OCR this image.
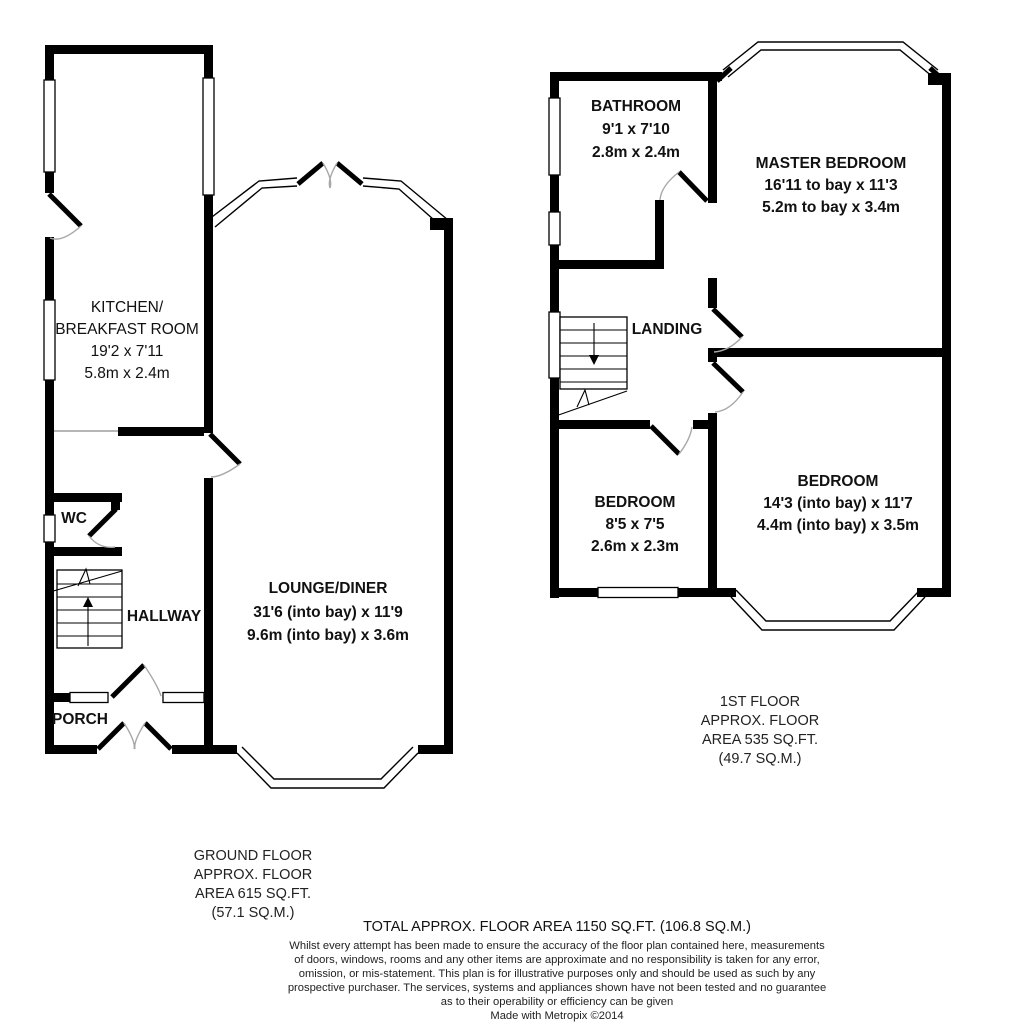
KITCHEN/
BREAKFAST ROOM
19'2 x 7'11
5.8m x 2.4m
LOUNGE/DINER
31'6 (into bay) x 11'9
9.6m (into bay) x 3.6m
WC
HALLWAY
PORCH
GROUND FLOOR
APPROX. FLOOR
AREA 615 SQ.FT.
(57.1 SQ.M.)
BATHROOM
9'1 x 7'10
2.8m x 2.4m
MASTER BEDROOM
16'11 to bay x 11'3
5.2m to bay x 3.4m
LANDING
BEDROOM
14'3 (into bay) x 11'7
4.4m (into bay) x 3.5m
BEDROOM
8'5 x 7'5
2.6m x 2.3m
1ST FLOOR
APPROX. FLOOR
AREA 535 SQ.FT.
(49.7 SQ.M.)
TOTAL APPROX. FLOOR AREA 1150 SQ.FT. (106.8 SQ.M.)
Whilst every attempt has been made to ensure the accuracy of the floor plan contained here, measurements
of doors, windows, rooms and any other items are approximate and no responsibility is taken for any error,
omission, or mis-statement. This plan is for illustrative purposes only and should be used as such by any
prospective purchaser. The services, systems and appliances shown have not been tested and no guarantee
as to their operability or efficiency can be given
Made with Metropix ©2014
